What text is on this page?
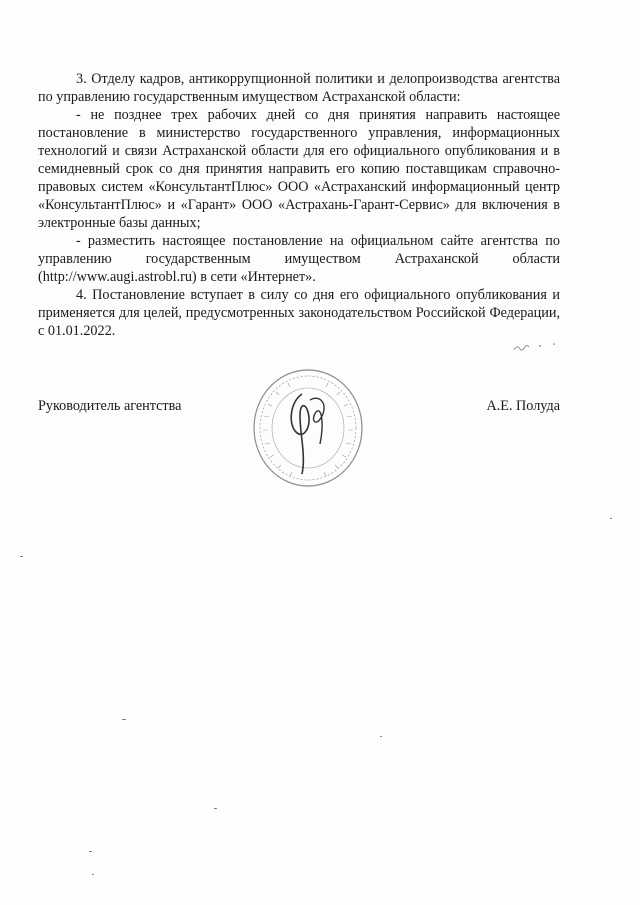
3. Отделу кадров, антикоррупционной политики и делопроизводства агентства по управлению государственным имуществом Астраханской области:

- не позднее трех рабочих дней со дня принятия направить настоящее постановление в министерство государственного управления, информационных технологий и связи Астраханской области для его официального опубликования и в семидневный срок со дня принятия направить его копию поставщикам справочно-правовых систем «КонсультантПлюс» ООО «Астраханский информационный центр «КонсультантПлюс» и «Гарант» ООО «Астрахань-Гарант-Сервис» для включения в электронные базы данных;

- разместить настоящее постановление на официальном сайте агентства по управлению государственным имуществом Астраханской области (http://www.augi.astrobl.ru) в сети «Интернет».

4. Постановление вступает в силу со дня его официального опубликования и применяется для целей, предусмотренных законодательством Российской Федерации, с 01.01.2022.

Руководитель агентства	А.Е. Полуда
